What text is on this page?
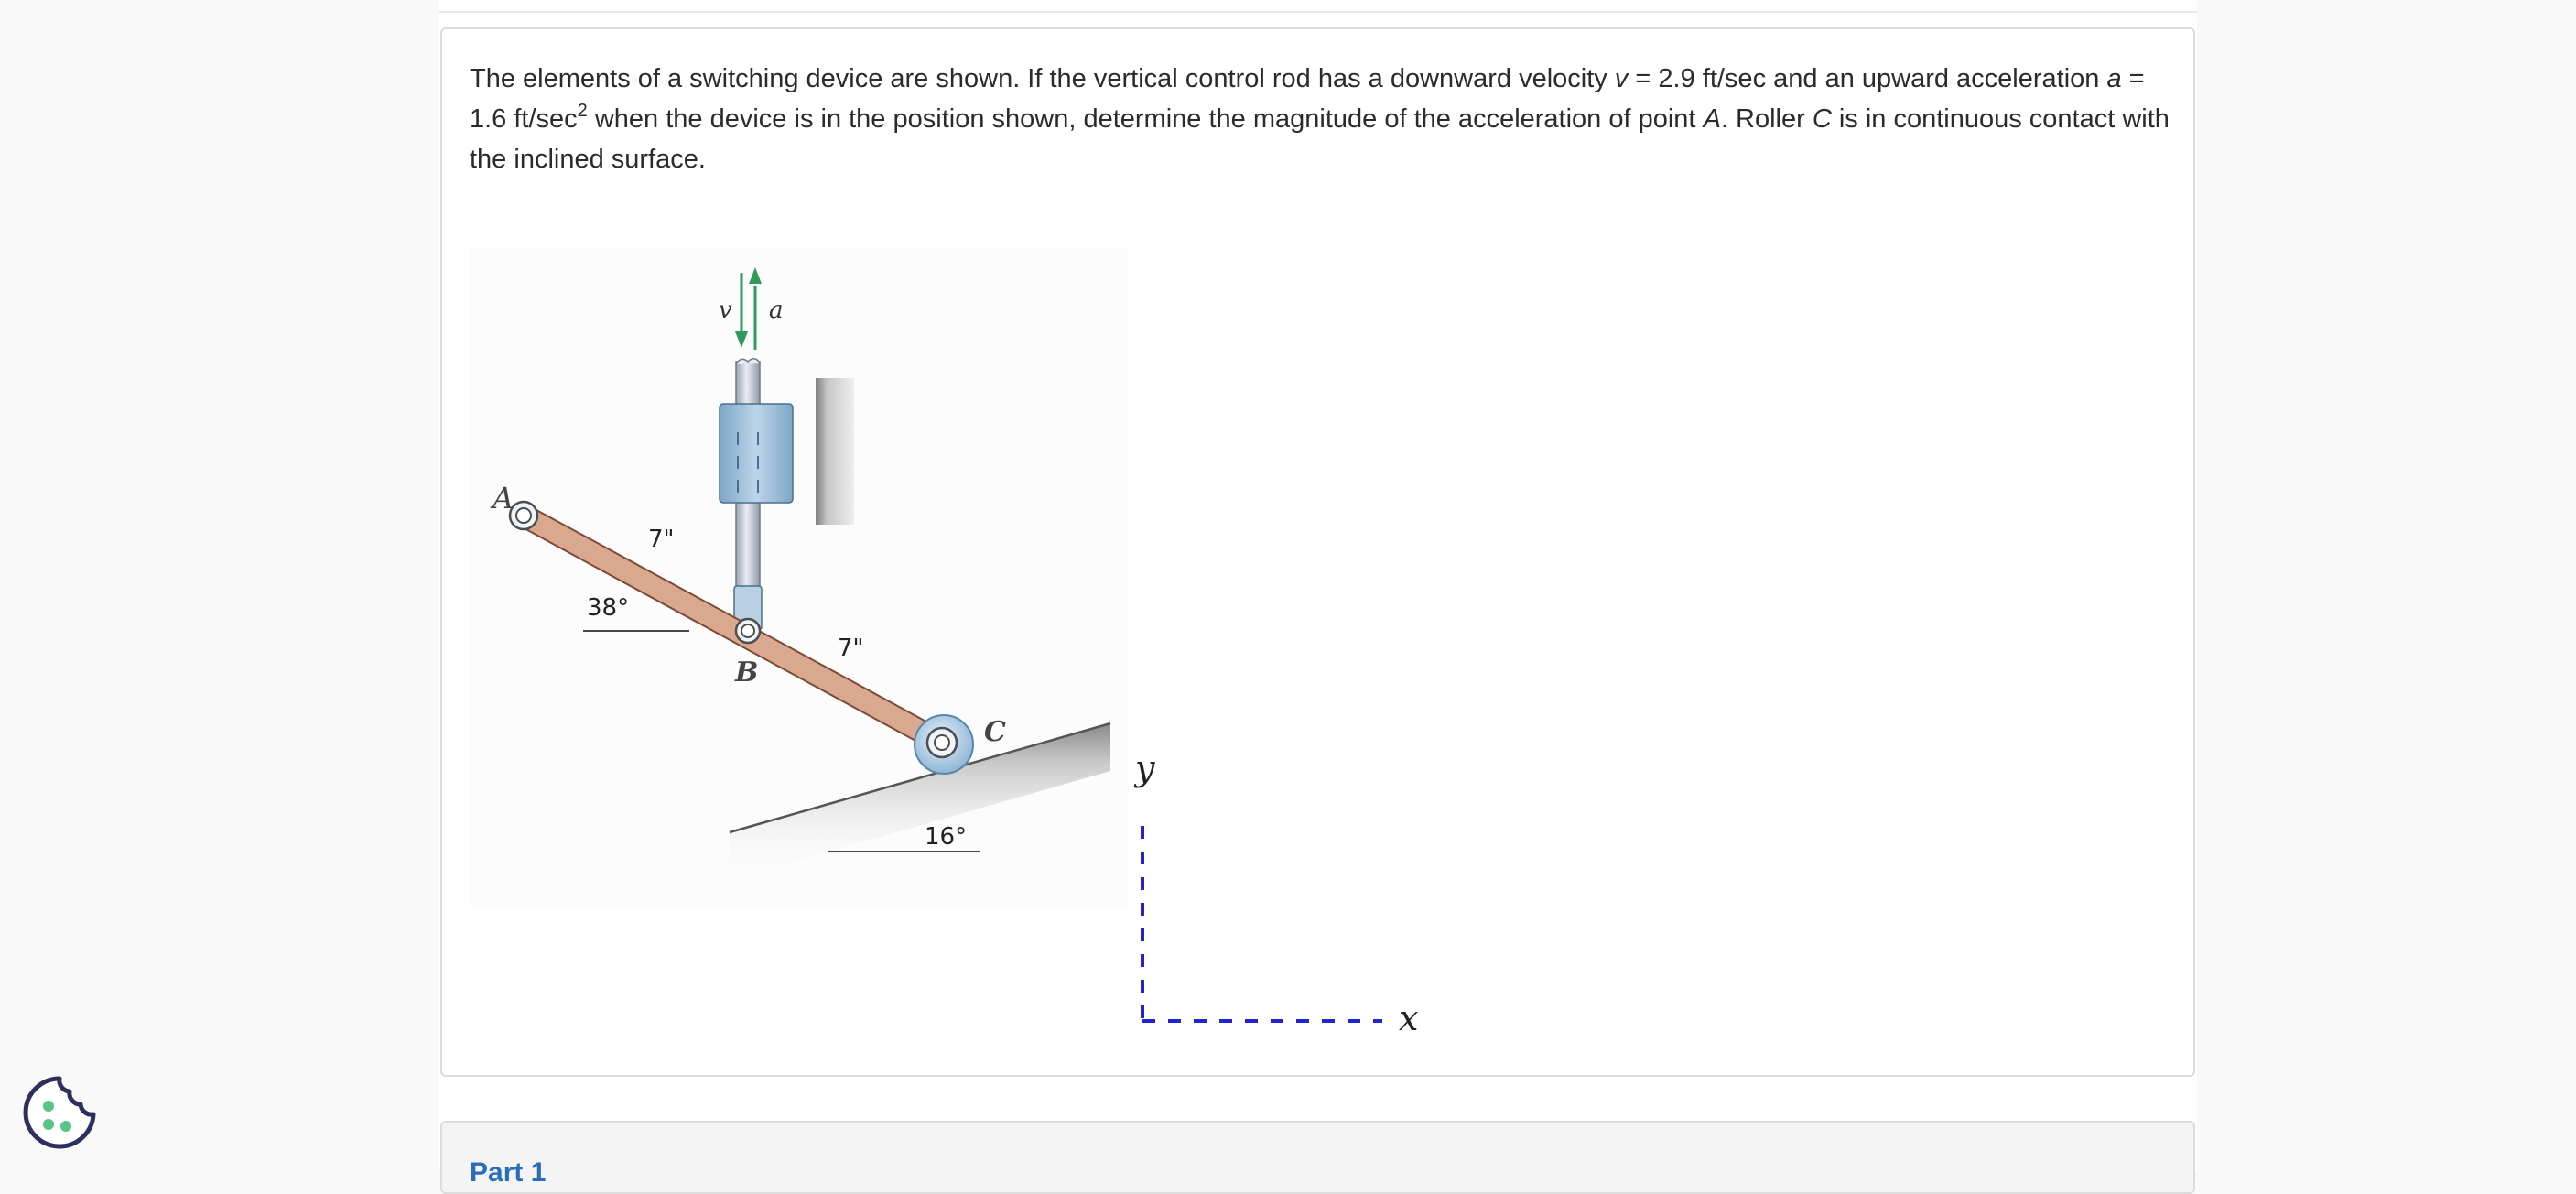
The elements of a switching device are shown. If the vertical control rod has a downward velocity v = 2.9 ft/sec and an upward acceleration a = 1.6 $ft/\sec^2$ when the device is in the position shown, determine the magnitude of the acceleration of point A. Roller C is in continuous contact with the inclined surface.
v a
A
B
C
7"
7"
38°
16°
y
x
Part 1
